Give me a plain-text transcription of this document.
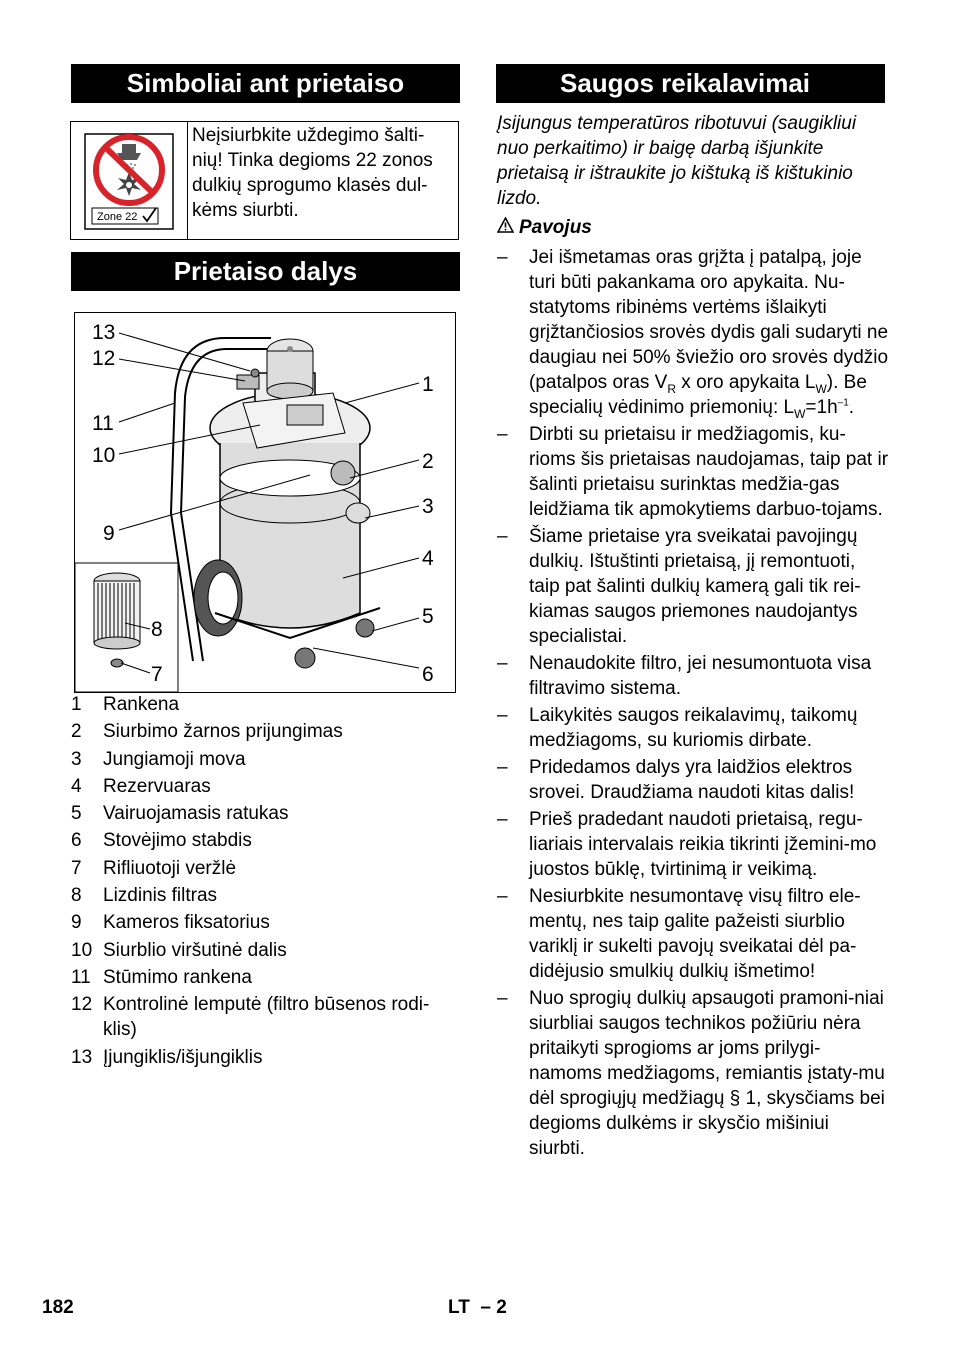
Simboliai ant prietaiso
Zone 22
Neįsiurbkite uždegimo šalti-nių! Tinka degioms 22 zonos dulkių sprogumo klasės dul-kėms siurbti.
Prietaiso dalys
13
12
1
11
10	2
3
9
4
5
8
6
7
1 Rankena
2 Siurbimo žarnos prijungimas
3 Jungiamoji mova
4 Rezervuaras
5 Vairuojamasis ratukas
6 Stovėjimo stabdis
7 Rifliuotoji veržlė
8 Lizdinis filtras
9 Kameros fiksatorius
10 Siurblio viršutinė dalis
11 Stūmimo rankena
12 Kontrolinė lemputė (filtro būsenos rodi-klis)
13 Įjungiklis/išjungiklis
Saugos reikalavimai
Įsijungus temperatūros ribotuvui (saugikliui nuo perkaitimo) ir baigę darbą išjunkite prietaisą ir ištraukite jo kištuką iš kištukinio lizdo.
Pavojus
– Jei išmetamas oras grįžta į patalpą, joje turi būti pakankama oro apykaita. Nu-statytoms ribinėms vertėms išlaikyti grįžtančiosios srovės dydis gali sudaryti ne daugiau nei 50% šviežio oro srovės dydžio (patalpos oras $V_R$ x oro apykaita $L_W$). Be specialių vėdinimo priemonių: $L_W=1h^{-1}$.
– Dirbti su prietaisu ir medžiagomis, ku-rioms šis prietaisas naudojamas, taip pat ir šalinti prietaisu surinktas medžia-gas leidžiama tik apmokytiems darbuo-tojams.
– Šiame prietaise yra sveikatai pavojingų dulkių. Ištuštinti prietaisą, jį remontuoti, taip pat šalinti dulkių kamerą gali tik rei-kiamas saugos priemones naudojantys specialistai.
– Nenaudokite filtro, jei nesumontuota visa filtravimo sistema.
– Laikykitės saugos reikalavimų, taikomų medžiagoms, su kuriomis dirbate.
– Pridedamos dalys yra laidžios elektros srovei. Draudžiama naudoti kitas dalis!
– Prieš pradedant naudoti prietaisą, regu-liariais intervalais reikia tikrinti įžemini-mo juostos būklę, tvirtinimą ir veikimą.
– Nesiurbkite nesumontavę visų filtro ele-mentų, nes taip galite pažeisti siurblio variklį ir sukelti pavojų sveikatai dėl pa-didėjusio smulkių dulkių išmetimo!
– Nuo sprogių dulkių apsaugoti pramoni-niai siurbliai saugos technikos požiūriu nėra pritaikyti sprogioms ar joms prilygi-namoms medžiagoms, remiantis įstaty-mu dėl sprogiųjų medžiagų § 1, skysčiams bei degioms dulkėms ir skysčio mišiniui siurbti.
182	LT – 2
